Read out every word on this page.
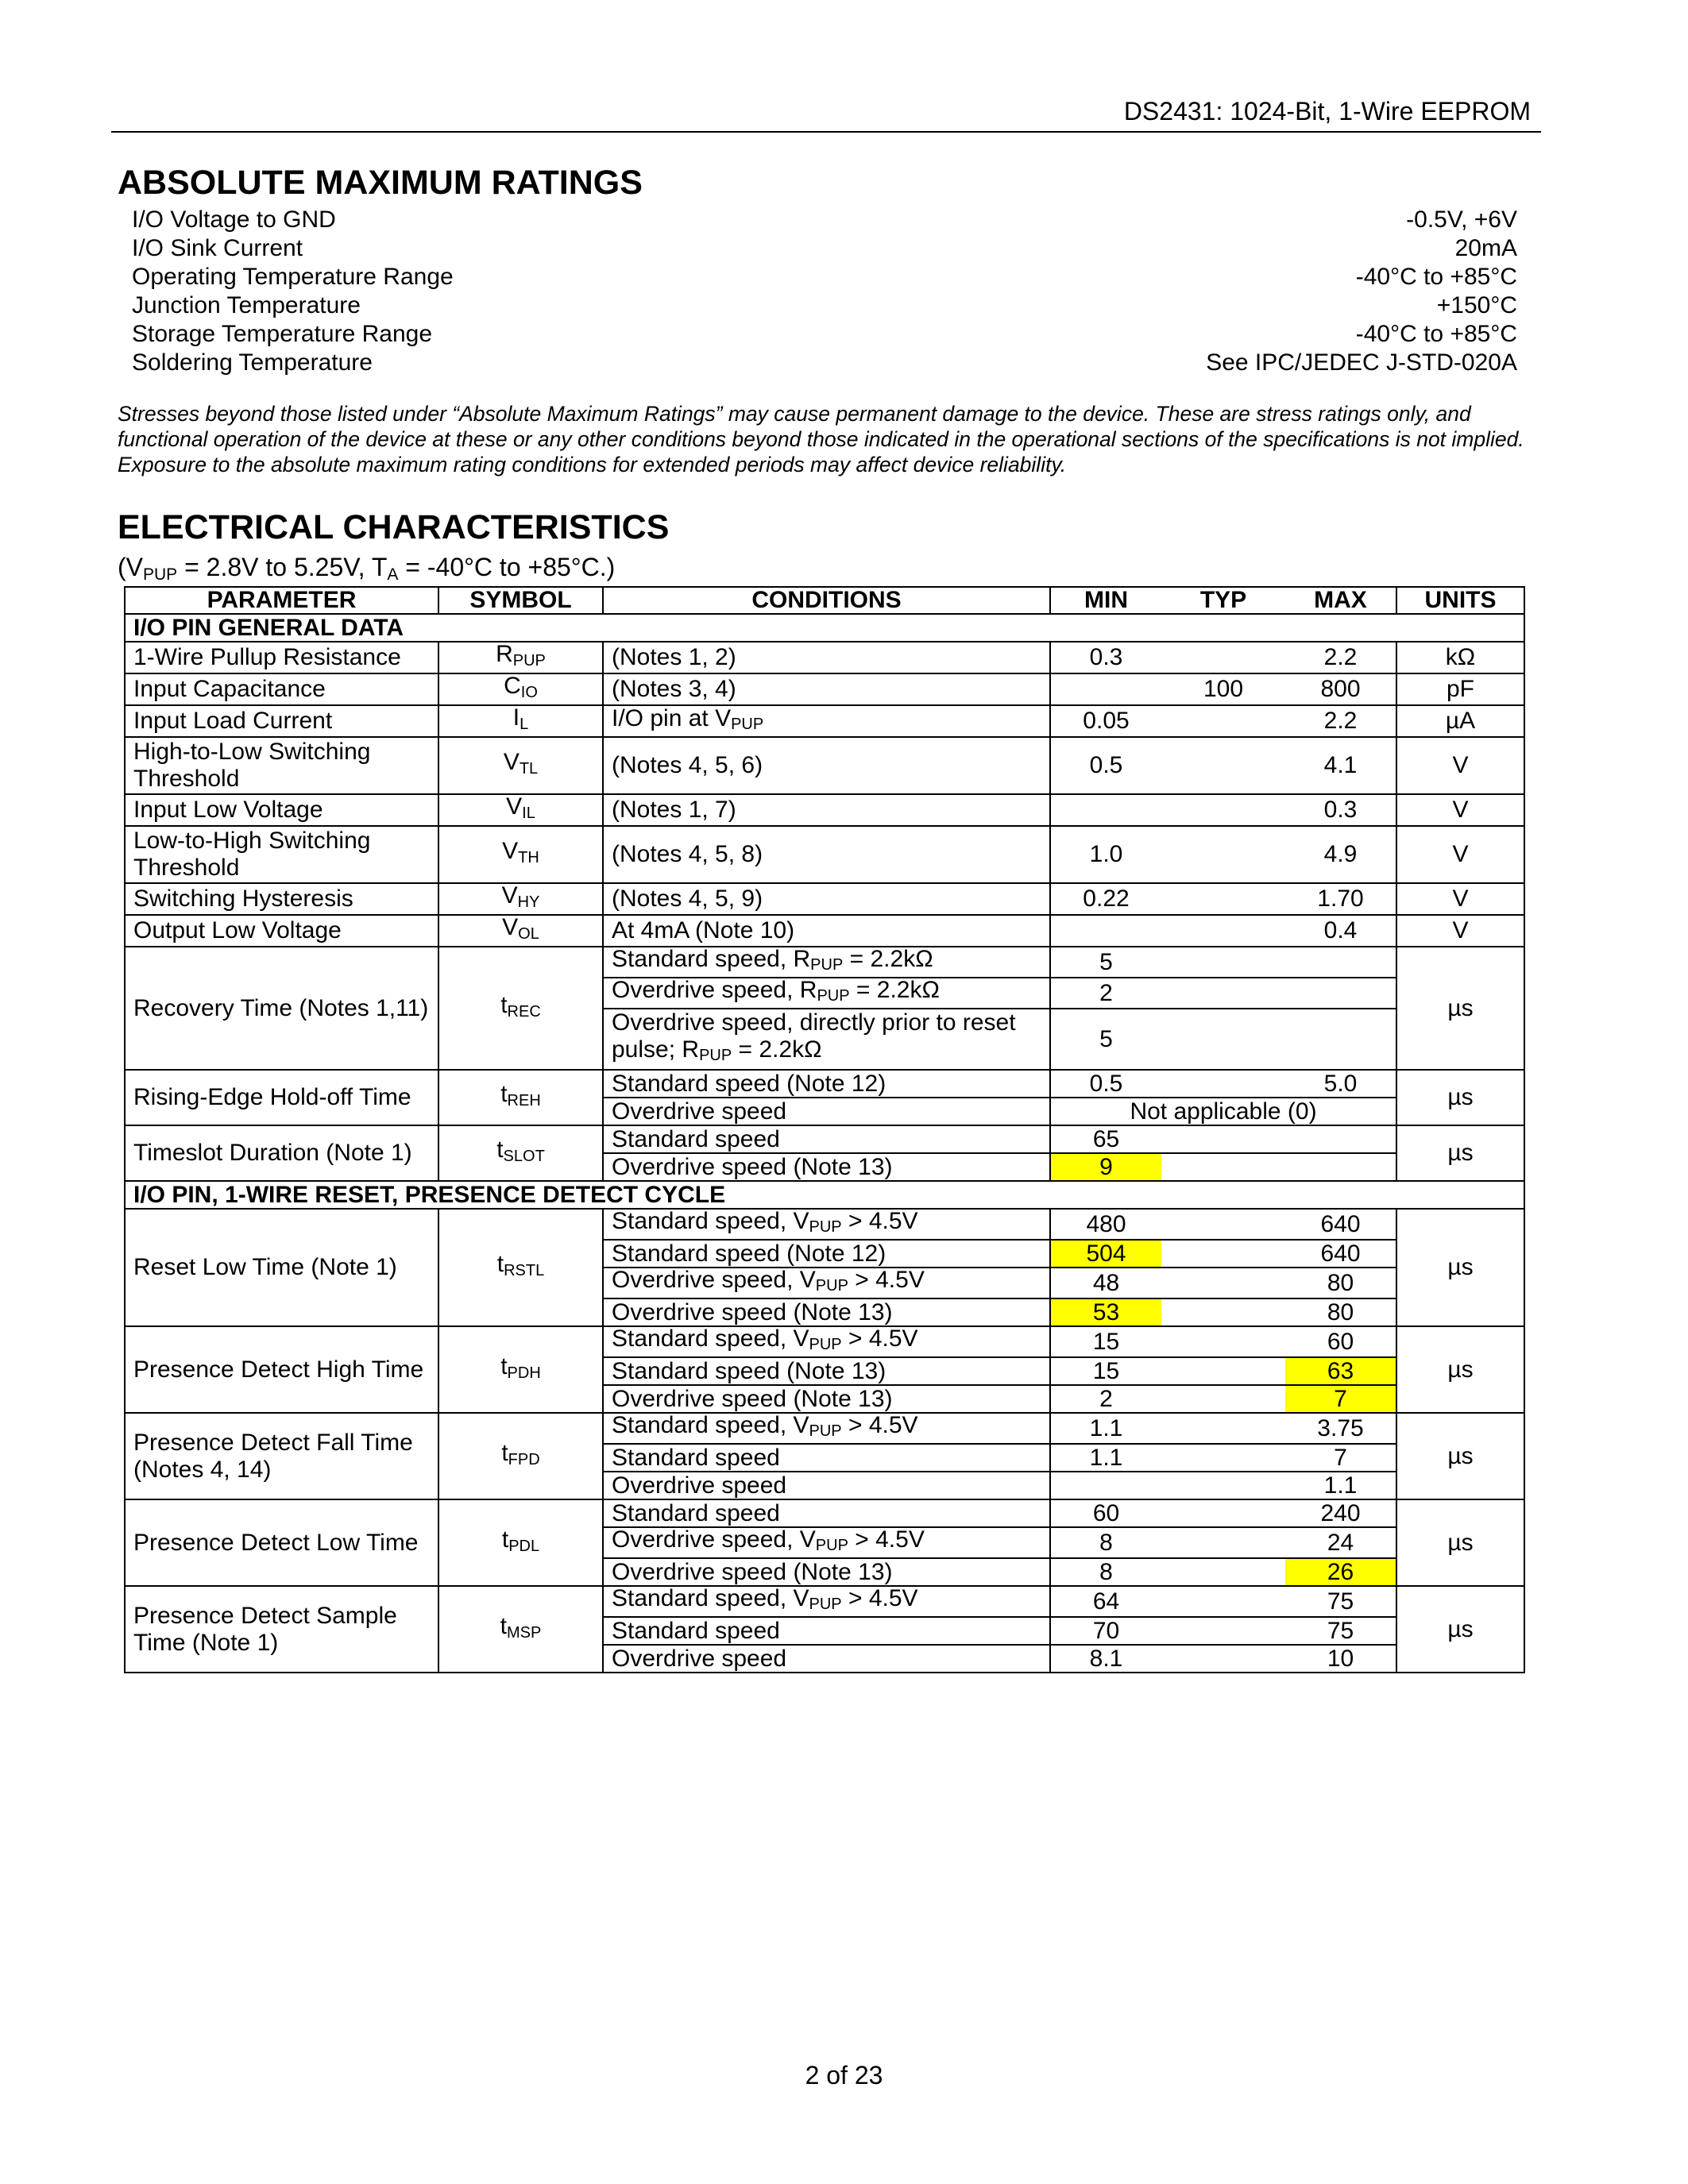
DS2431: 1024-Bit, 1-Wire EEPROM
ABSOLUTE MAXIMUM RATINGS
I/O Voltage to GND	-0.5V, +6V
I/O Sink Current	20mA
Operating Temperature Range	-40°C to +85°C
Junction Temperature	+150°C
Storage Temperature Range	-40°C to +85°C
Soldering Temperature	See IPC/JEDEC J-STD-020A
Stresses beyond those listed under “Absolute Maximum Ratings” may cause permanent damage to the device. These are stress ratings only, and functional operation of the device at these or any other conditions beyond those indicated in the operational sections of the specifications is not implied. Exposure to the absolute maximum rating conditions for extended periods may affect device reliability.
ELECTRICAL CHARACTERISTICS
($V_{PUP} = 2.8V$ to 5.25V, $T_A = -40^\circ C$ to +85°C.)
PARAMETER	SYMBOL	CONDITIONS	MIN	TYP	MAX	UNITS
I/O PIN GENERAL DATA						
1-Wire Pullup Resistance	$R_{PUP}$	(Notes 1, 2)	0.3		2.2	kΩ
Input Capacitance	$C_{IO}$	(Notes 3, 4)		100	800	pF
Input Load Current	$I_L$	I/O pin at $V_{PUP}$	0.05		2.2	µA
High-to-Low Switching Threshold	$V_{TL}$	(Notes 4, 5, 6)	0.5		4.1	V
Input Low Voltage	$V_{IL}$	(Notes 1, 7)			0.3	V
Low-to-High Switching Threshold	$V_{TH}$	(Notes 4, 5, 8)	1.0		4.9	V
Switching Hysteresis	$V_{HY}$	(Notes 4, 5, 9)	0.22		1.70	V
Output Low Voltage	$V_{OL}$	At 4mA (Note 10)			0.4	V
Recovery Time (Notes 1,11)	$t_{REC}$	Standard speed, $R_{PUP} = 2.2k\Omega$	5			µs
		Overdrive speed, $R_{PUP} = 2.2k\Omega$	2			
		Overdrive speed, directly prior to reset pulse; $R_{PUP} = 2.2k\Omega$	5			
Rising-Edge Hold-off Time	$t_{REH}$	Standard speed (Note 12)	0.5		5.0	µs
		Overdrive speed	Not applicable (0)			
Timeslot Duration (Note 1)	$t_{SLOT}$	Standard speed	65			µs
		Overdrive speed (Note 13)	9			
I/O PIN, 1-WIRE RESET, PRESENCE DETECT CYCLE						
Reset Low Time (Note 1)	$t_{RSTL}$	Standard speed, $V_{PUP} > 4.5V$	480		640	µs
		Standard speed (Note 12)	504		640	
		Overdrive speed, $V_{PUP} > 4.5V$	48		80	
		Overdrive speed (Note 13)	53		80	
Presence Detect High Time	$t_{PDH}$	Standard speed, $V_{PUP} > 4.5V$	15		60	µs
		Standard speed (Note 13)	15		63	
		Overdrive speed (Note 13)	2		7	
Presence Detect Fall Time (Notes 4, 14)	$t_{FPD}$	Standard speed, $V_{PUP} > 4.5V$	1.1		3.75	µs
		Standard speed	1.1		7	
		Overdrive speed			1.1	
Presence Detect Low Time	$t_{PDL}$	Standard speed	60		240	µs
		Overdrive speed, $V_{PUP} > 4.5V$	8		24	
		Overdrive speed (Note 13)	8		26	
Presence Detect Sample Time (Note 1)	$t_{MSP}$	Standard speed, $V_{PUP} > 4.5V$	64		75	µs
		Standard speed	70		75	
		Overdrive speed	8.1		10	
2 of 23
